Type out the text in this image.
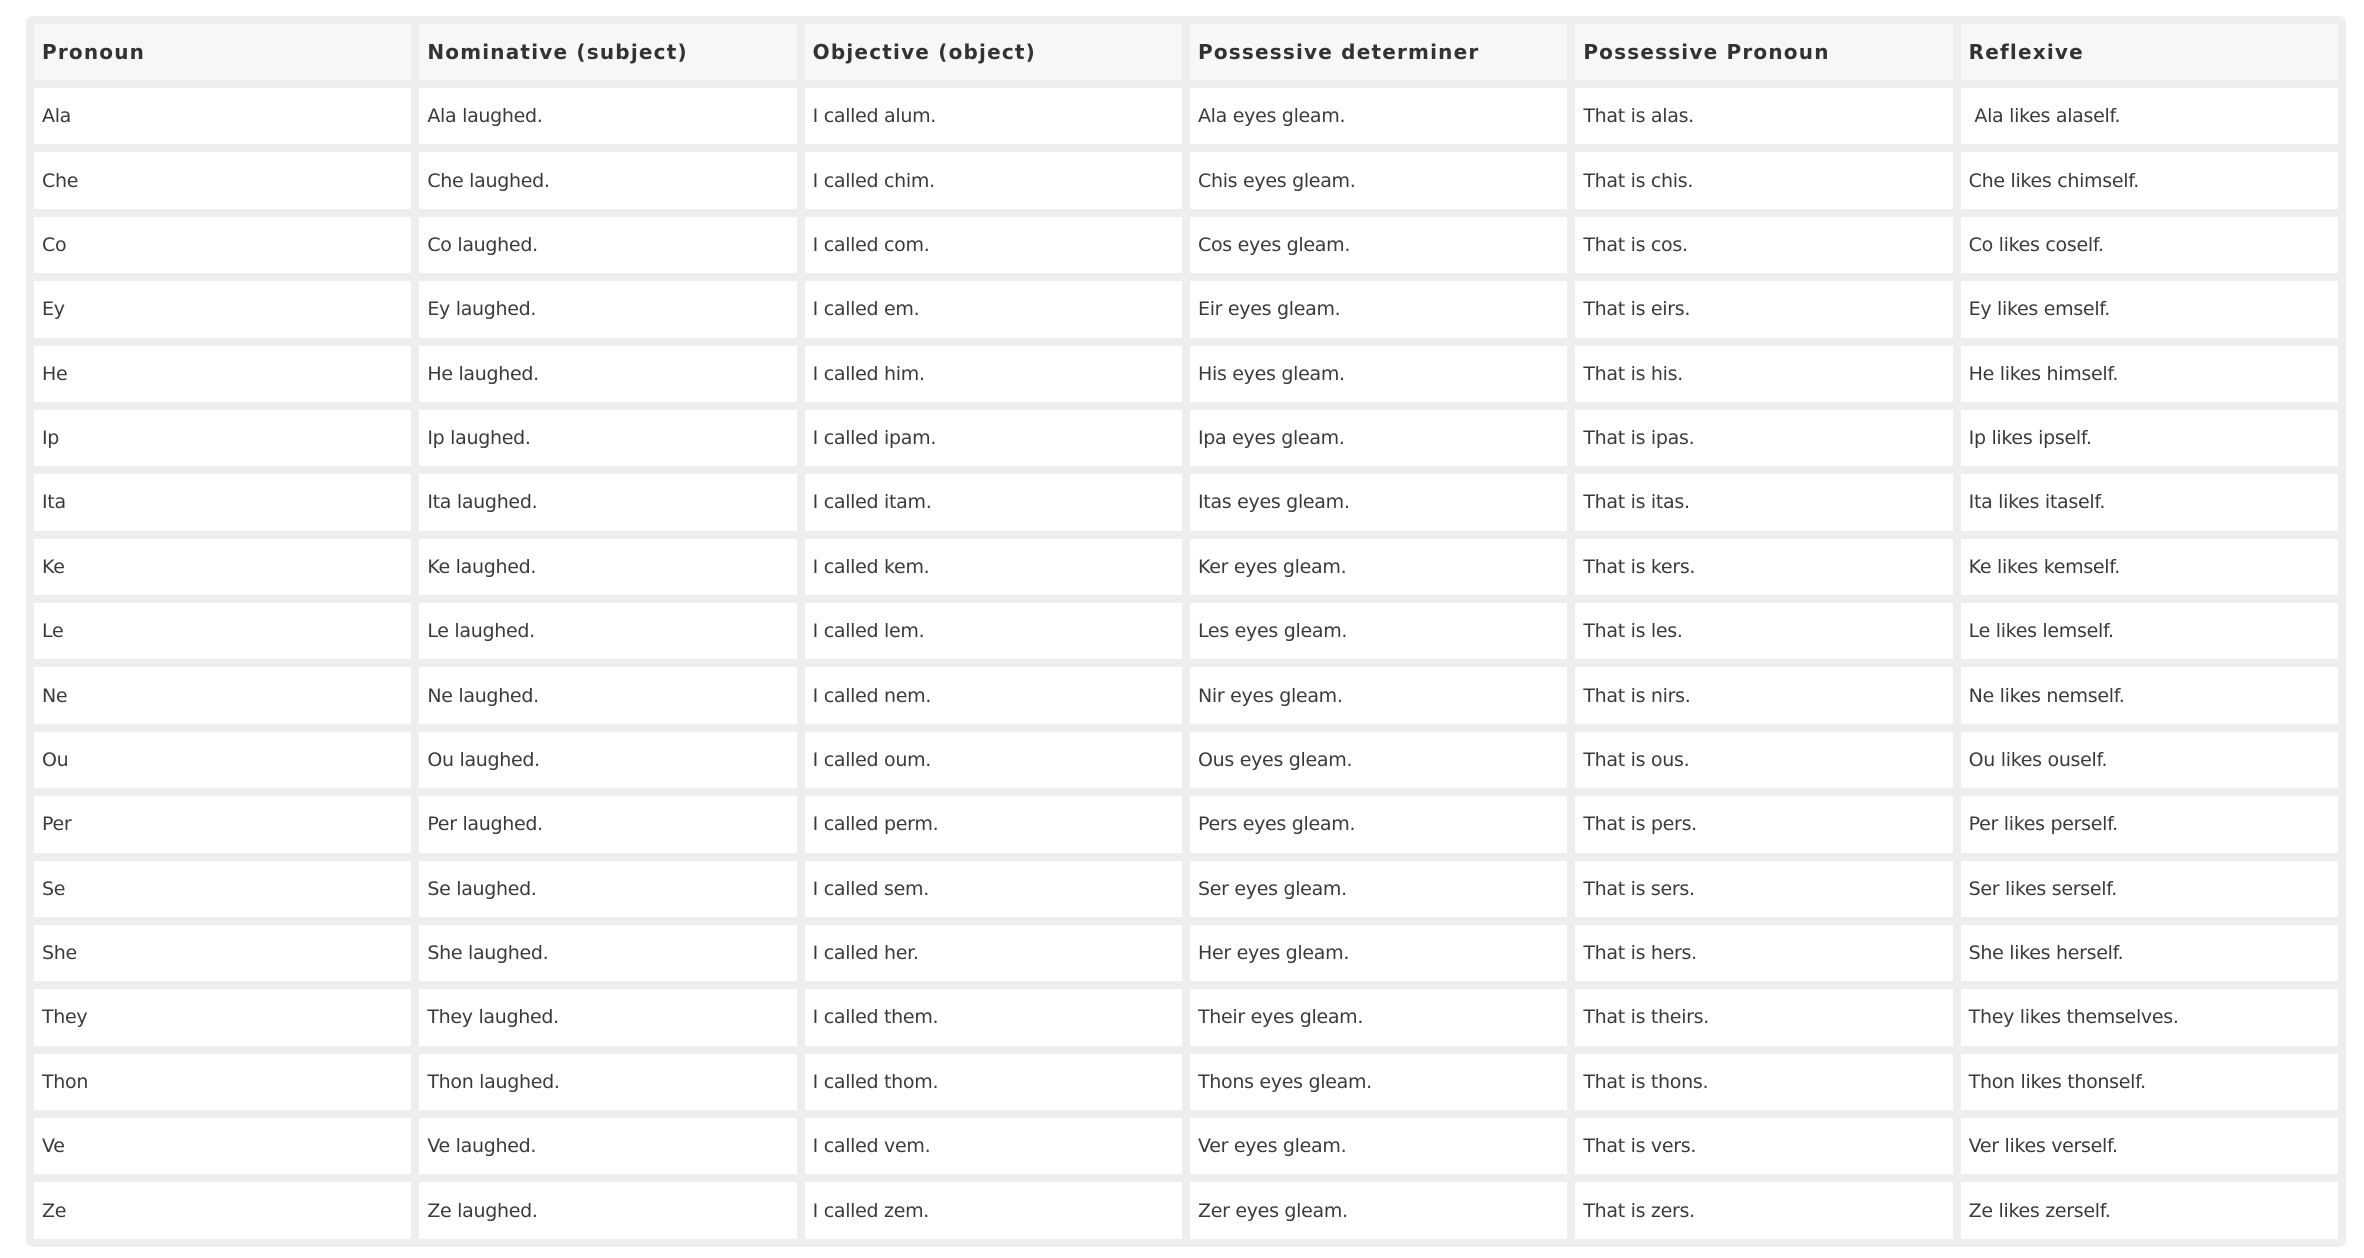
Pronoun	Nominative (subject)	Objective (object)	Possessive determiner	Possessive Pronoun	Reflexive
Ala	Ala laughed.	I called alum.	Ala eyes gleam.	That is alas.	Ala likes alaself.
Che	Che laughed.	I called chim.	Chis eyes gleam.	That is chis.	Che likes chimself.
Co	Co laughed.	I called com.	Cos eyes gleam.	That is cos.	Co likes coself.
Ey	Ey laughed.	I called em.	Eir eyes gleam.	That is eirs.	Ey likes emself.
He	He laughed.	I called him.	His eyes gleam.	That is his.	He likes himself.
Ip	Ip laughed.	I called ipam.	Ipa eyes gleam.	That is ipas.	Ip likes ipself.
Ita	Ita laughed.	I called itam.	Itas eyes gleam.	That is itas.	Ita likes itaself.
Ke	Ke laughed.	I called kem.	Ker eyes gleam.	That is kers.	Ke likes kemself.
Le	Le laughed.	I called lem.	Les eyes gleam.	That is les.	Le likes lemself.
Ne	Ne laughed.	I called nem.	Nir eyes gleam.	That is nirs.	Ne likes nemself.
Ou	Ou laughed.	I called oum.	Ous eyes gleam.	That is ous.	Ou likes ouself.
Per	Per laughed.	I called perm.	Pers eyes gleam.	That is pers.	Per likes perself.
Se	Se laughed.	I called sem.	Ser eyes gleam.	That is sers.	Ser likes serself.
She	She laughed.	I called her.	Her eyes gleam.	That is hers.	She likes herself.
They	They laughed.	I called them.	Their eyes gleam.	That is theirs.	They likes themselves.
Thon	Thon laughed.	I called thom.	Thons eyes gleam.	That is thons.	Thon likes thonself.
Ve	Ve laughed.	I called vem.	Ver eyes gleam.	That is vers.	Ver likes verself.
Ze	Ze laughed.	I called zem.	Zer eyes gleam.	That is zers.	Ze likes zerself.
